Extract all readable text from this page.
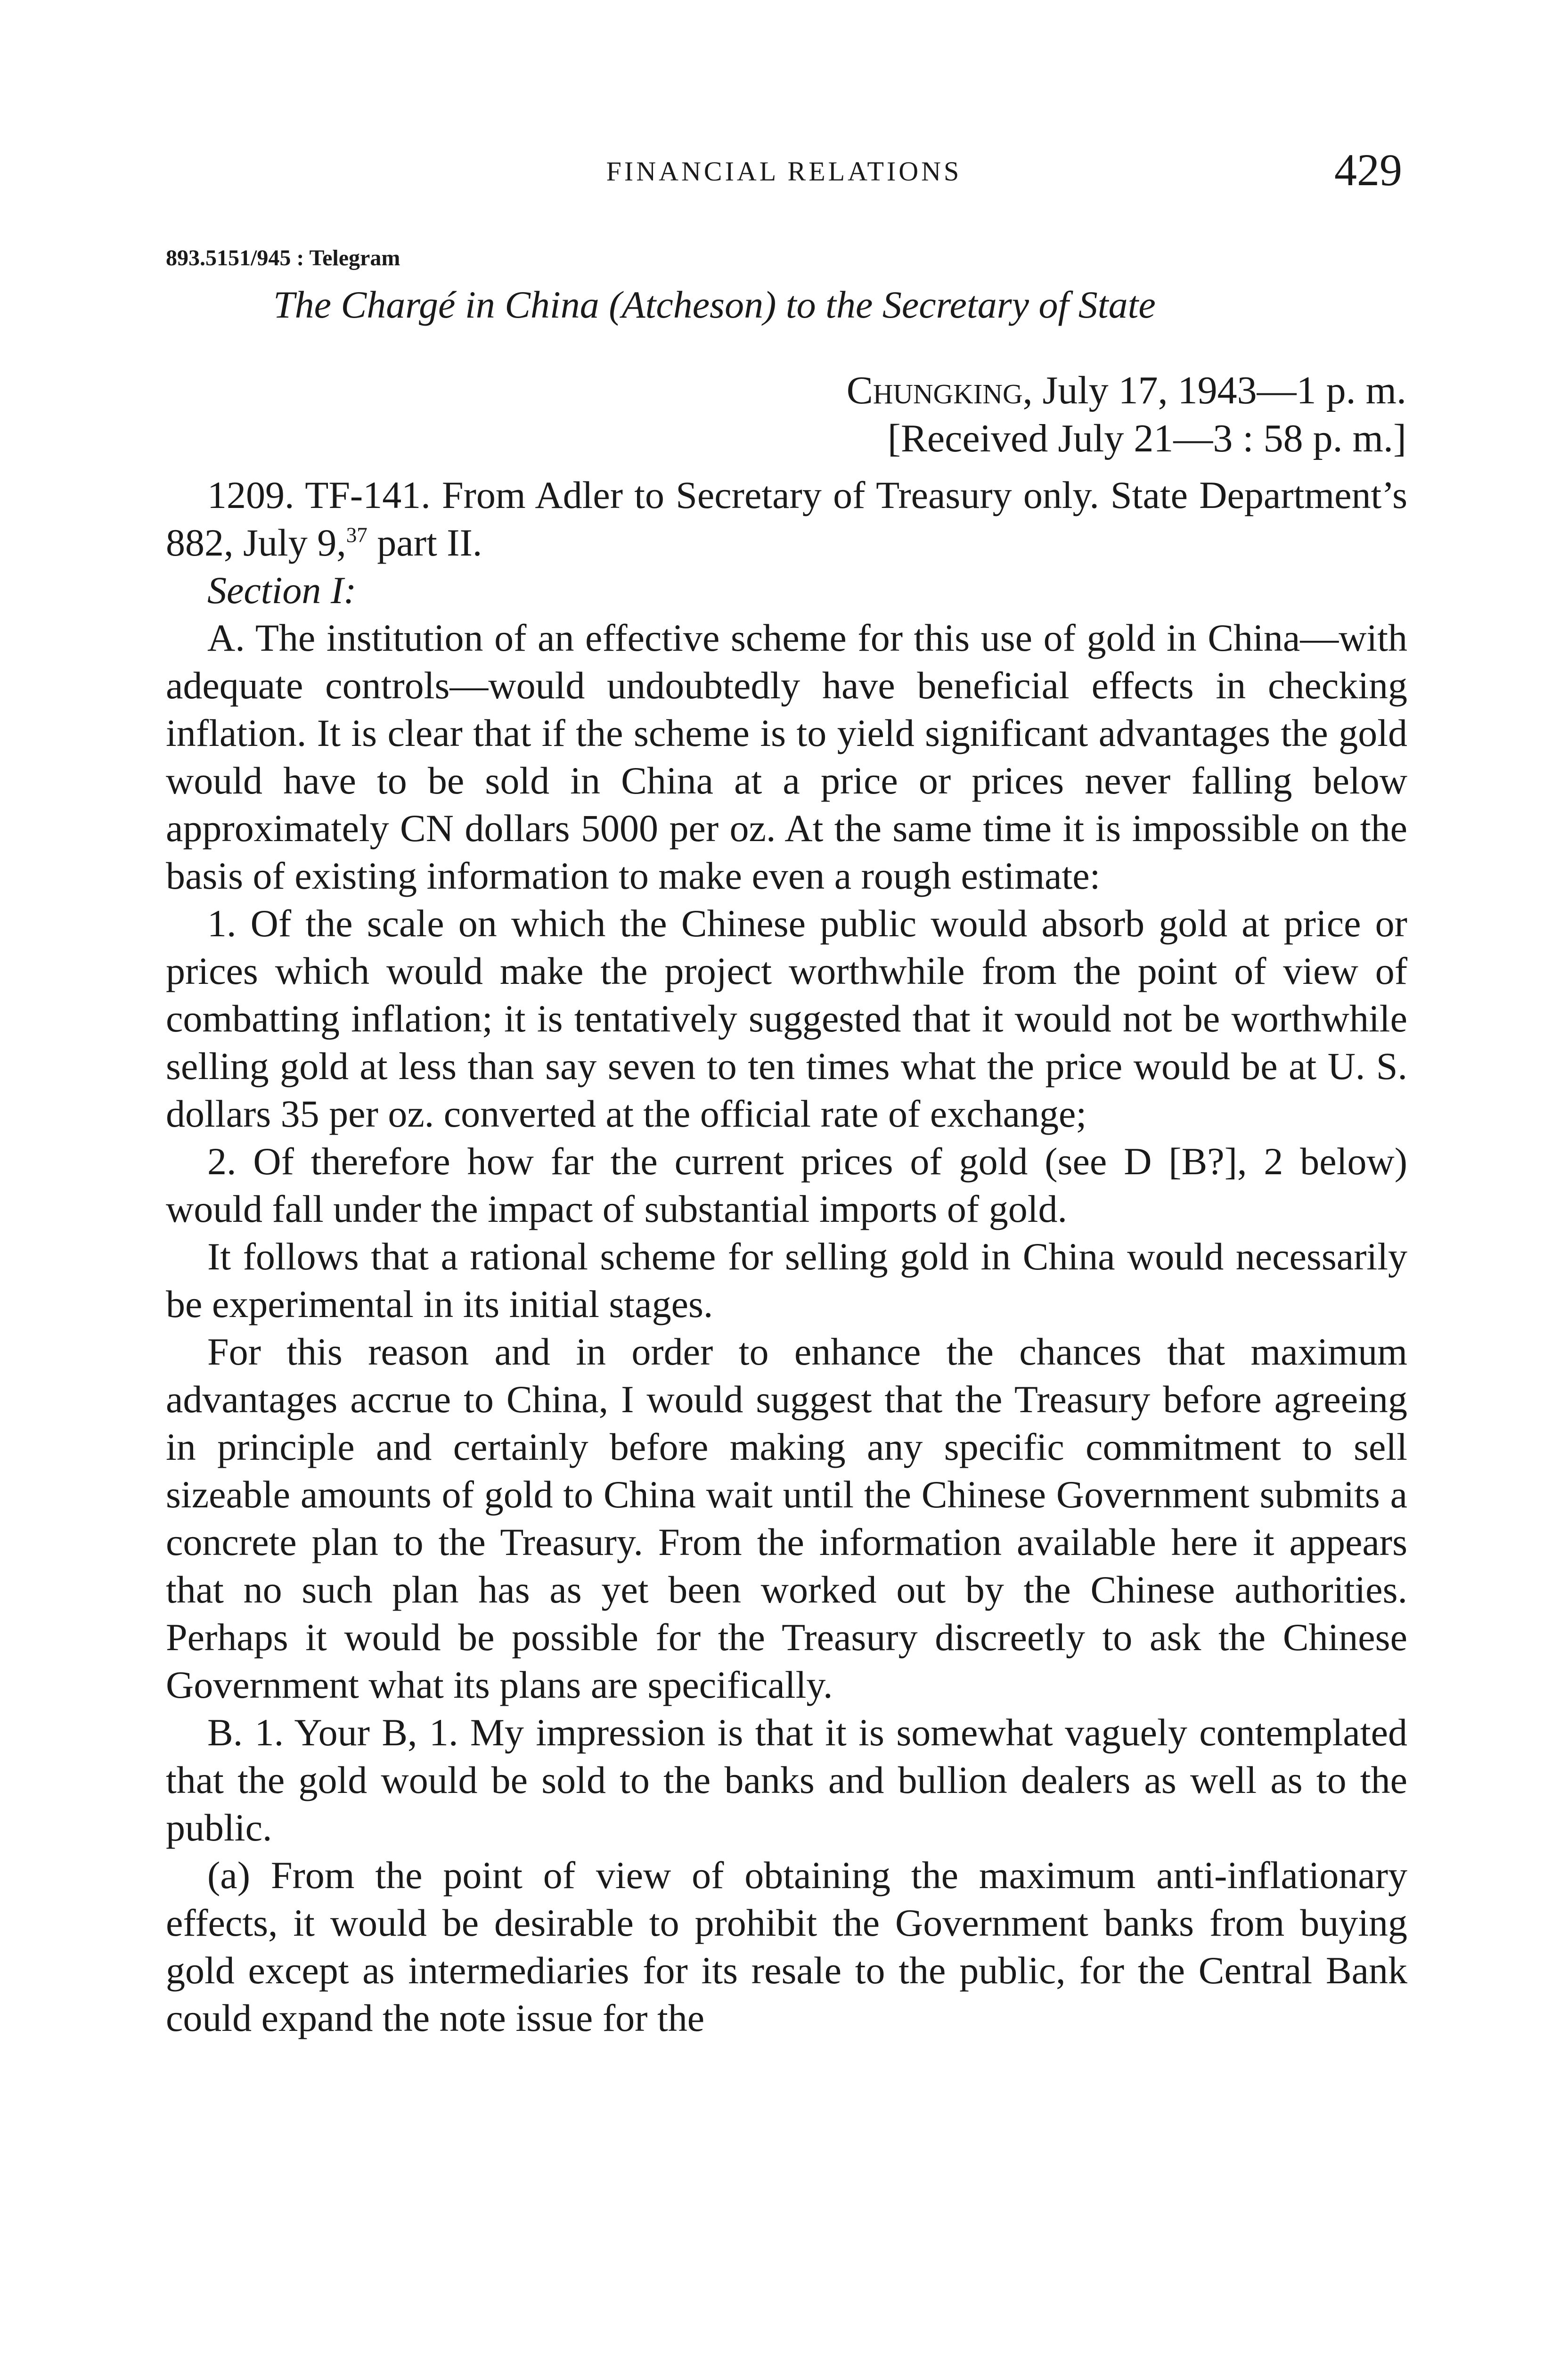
FINANCIAL RELATIONS	429
893.5151/945 : Telegram
The Chargé in China (Atcheson) to the Secretary of State
Chungking, July 17, 1943—1 p. m.
[Received July 21—3 : 58 p. m.]

1209. TF-141. From Adler to Secretary of Treasury only. State Department’s 882, July 9,37 part II.

Section I:

A. The institution of an effective scheme for this use of gold in China—with adequate controls—would undoubtedly have beneficial effects in checking inflation. It is clear that if the scheme is to yield significant advantages the gold would have to be sold in China at a price or prices never falling below approximately CN dollars 5000 per oz. At the same time it is impossible on the basis of existing information to make even a rough estimate:

1. Of the scale on which the Chinese public would absorb gold at price or prices which would make the project worthwhile from the point of view of combatting inflation; it is tentatively suggested that it would not be worthwhile selling gold at less than say seven to ten times what the price would be at U. S. dollars 35 per oz. converted at the official rate of exchange;

2. Of therefore how far the current prices of gold (see D [B?], 2 below) would fall under the impact of substantial imports of gold.

It follows that a rational scheme for selling gold in China would necessarily be experimental in its initial stages.

For this reason and in order to enhance the chances that maximum advantages accrue to China, I would suggest that the Treasury before agreeing in principle and certainly before making any specific commitment to sell sizeable amounts of gold to China wait until the Chinese Government submits a concrete plan to the Treasury. From the information available here it appears that no such plan has as yet been worked out by the Chinese authorities. Perhaps it would be possible for the Treasury discreetly to ask the Chinese Government what its plans are specifically.

B. 1. Your B, 1. My impression is that it is somewhat vaguely contemplated that the gold would be sold to the banks and bullion dealers as well as to the public.

(a) From the point of view of obtaining the maximum anti-inflationary effects, it would be desirable to prohibit the Government banks from buying gold except as intermediaries for its resale to the public, for the Central Bank could expand the note issue for the
